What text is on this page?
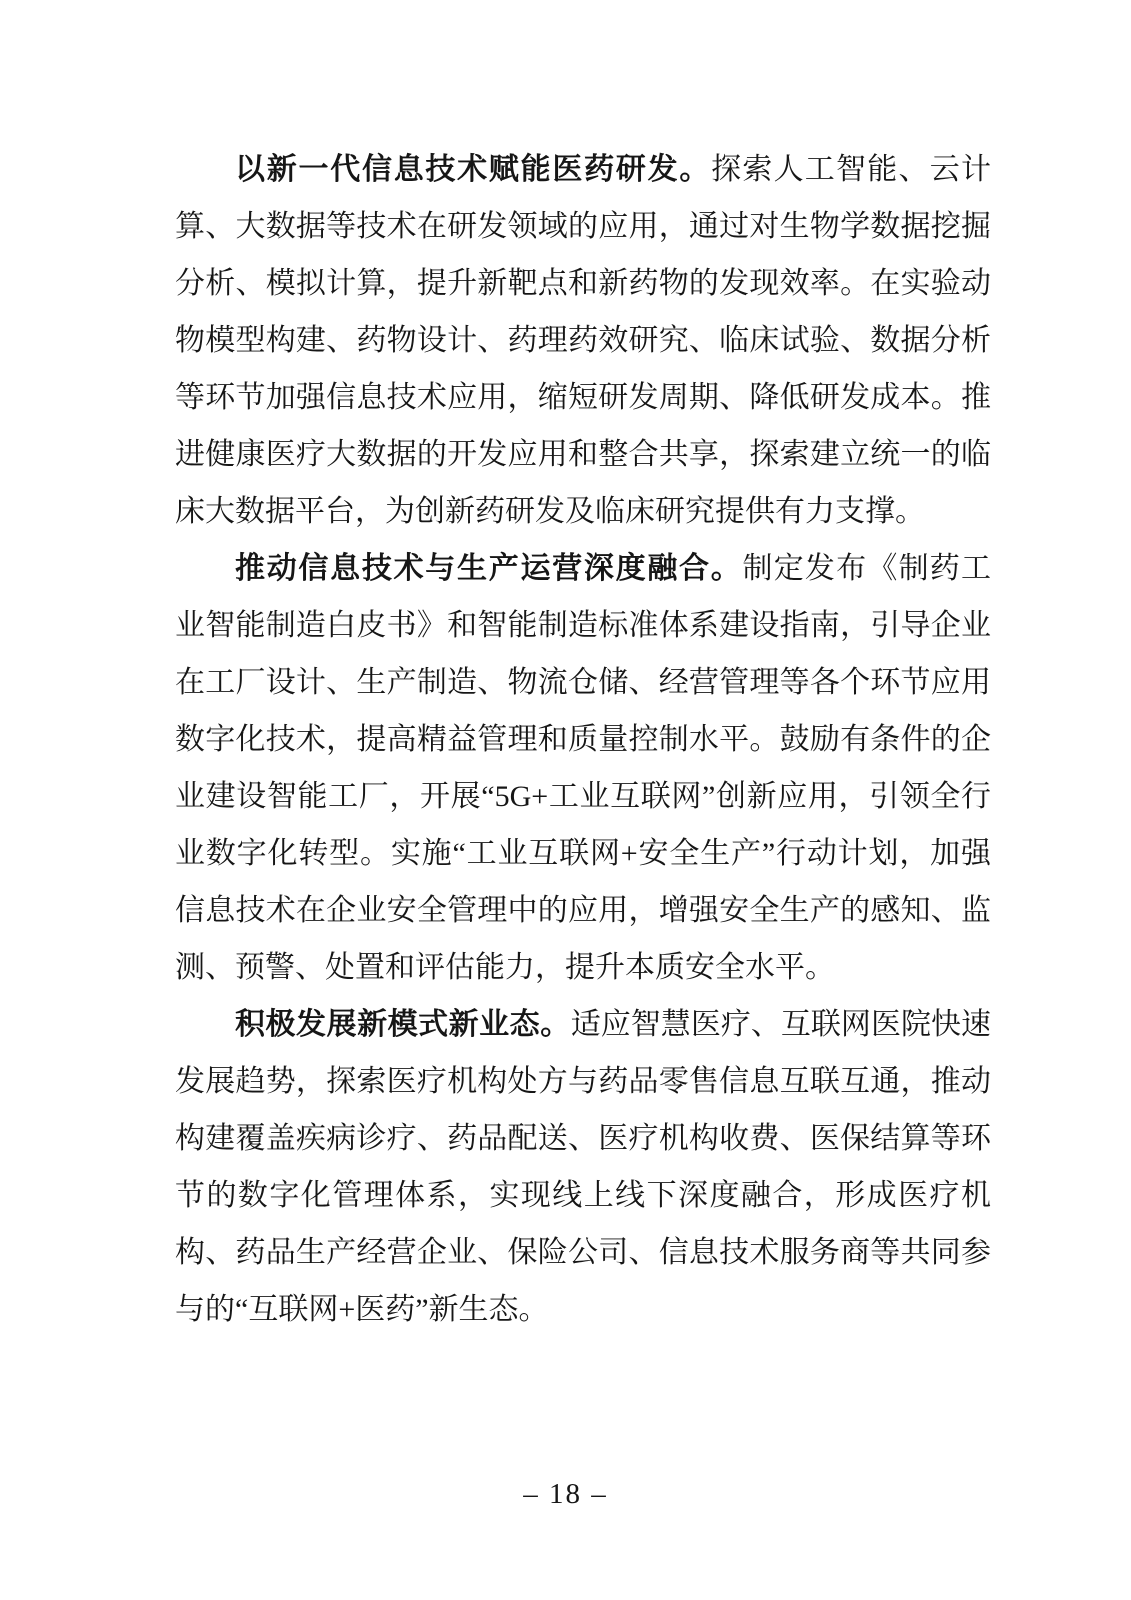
以新一代信息技术赋能医药研发。探索人工智能、云计算、大数据等技术在研发领域的应用，通过对生物学数据挖掘分析、模拟计算，提升新靶点和新药物的发现效率。在实验动物模型构建、药物设计、药理药效研究、临床试验、数据分析等环节加强信息技术应用，缩短研发周期、降低研发成本。推进健康医疗大数据的开发应用和整合共享，探索建立统一的临床大数据平台，为创新药研发及临床研究提供有力支撑。

推动信息技术与生产运营深度融合。制定发布《制药工业智能制造白皮书》和智能制造标准体系建设指南，引导企业在工厂设计、生产制造、物流仓储、经营管理等各个环节应用数字化技术，提高精益管理和质量控制水平。鼓励有条件的企业建设智能工厂，开展“5G+工业互联网”创新应用，引领全行业数字化转型。实施“工业互联网+安全生产”行动计划，加强信息技术在企业安全管理中的应用，增强安全生产的感知、监测、预警、处置和评估能力，提升本质安全水平。

积极发展新模式新业态。适应智慧医疗、互联网医院快速发展趋势，探索医疗机构处方与药品零售信息互联互通，推动构建覆盖疾病诊疗、药品配送、医疗机构收费、医保结算等环节的数字化管理体系，实现线上线下深度融合，形成医疗机构、药品生产经营企业、保险公司、信息技术服务商等共同参与的“互联网+医药”新生态。

– 18 –
